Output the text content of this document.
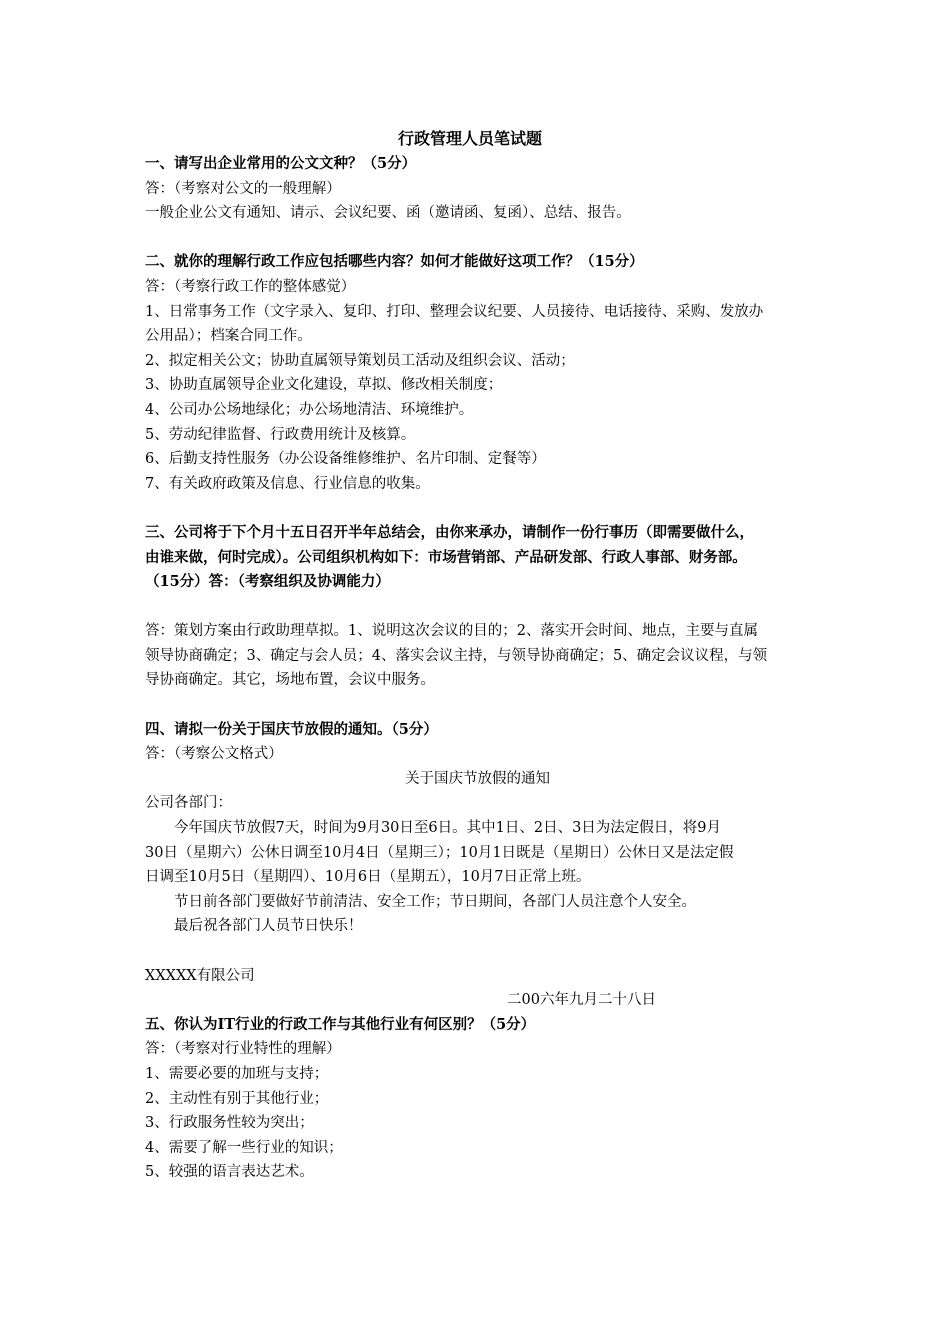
行政管理人员笔试题
一、请写出企业常用的公文文种？（5分）
答：（考察对公文的一般理解）
一般企业公文有通知、请示、会议纪要、函（邀请函、复函）、总结、报告。
二、就你的理解行政工作应包括哪些内容？如何才能做好这项工作？（15分）
答：（考察行政工作的整体感觉）
1、日常事务工作（文字录入、复印、打印、整理会议纪要、人员接待、电话接待、采购、发放办
公用品）；档案合同工作。
2、拟定相关公文；协助直属领导策划员工活动及组织会议、活动；
3、协助直属领导企业文化建设，草拟、修改相关制度；
4、公司办公场地绿化；办公场地清洁、环境维护。
5、劳动纪律监督、行政费用统计及核算。
6、后勤支持性服务（办公设备维修维护、名片印制、定餐等）
7、有关政府政策及信息、行业信息的收集。
三、公司将于下个月十五日召开半年总结会，由你来承办，请制作一份行事历（即需要做什么，
由谁来做，何时完成）。公司组织机构如下：市场营销部、产品研发部、行政人事部、财务部。
（15分）答：（考察组织及协调能力）
答：策划方案由行政助理草拟。1、说明这次会议的目的；2、落实开会时间、地点，主要与直属
领导协商确定；3、确定与会人员；4、落实会议主持，与领导协商确定；5、确定会议议程，与领
导协商确定。其它，场地布置，会议中服务。
四、请拟一份关于国庆节放假的通知。（5分）
答：（考察公文格式）
关于国庆节放假的通知
公司各部门：
今年国庆节放假7天，时间为9月30日至6日。其中1日、2日、3日为法定假日，将9月
30日（星期六）公休日调至10月4日（星期三）；10月1日既是（星期日）公休日又是法定假
日调至10月5日（星期四）、10月6日（星期五），10月7日正常上班。
节日前各部门要做好节前清洁、安全工作；节日期间，各部门人员注意个人安全。
最后祝各部门人员节日快乐！
XXXXX有限公司
二00六年九月二十八日
五、你认为IT行业的行政工作与其他行业有何区别？（5分）
答：（考察对行业特性的理解）
1、需要必要的加班与支持；
2、主动性有别于其他行业；
3、行政服务性较为突出；
4、需要了解一些行业的知识；
5、较强的语言表达艺术。
